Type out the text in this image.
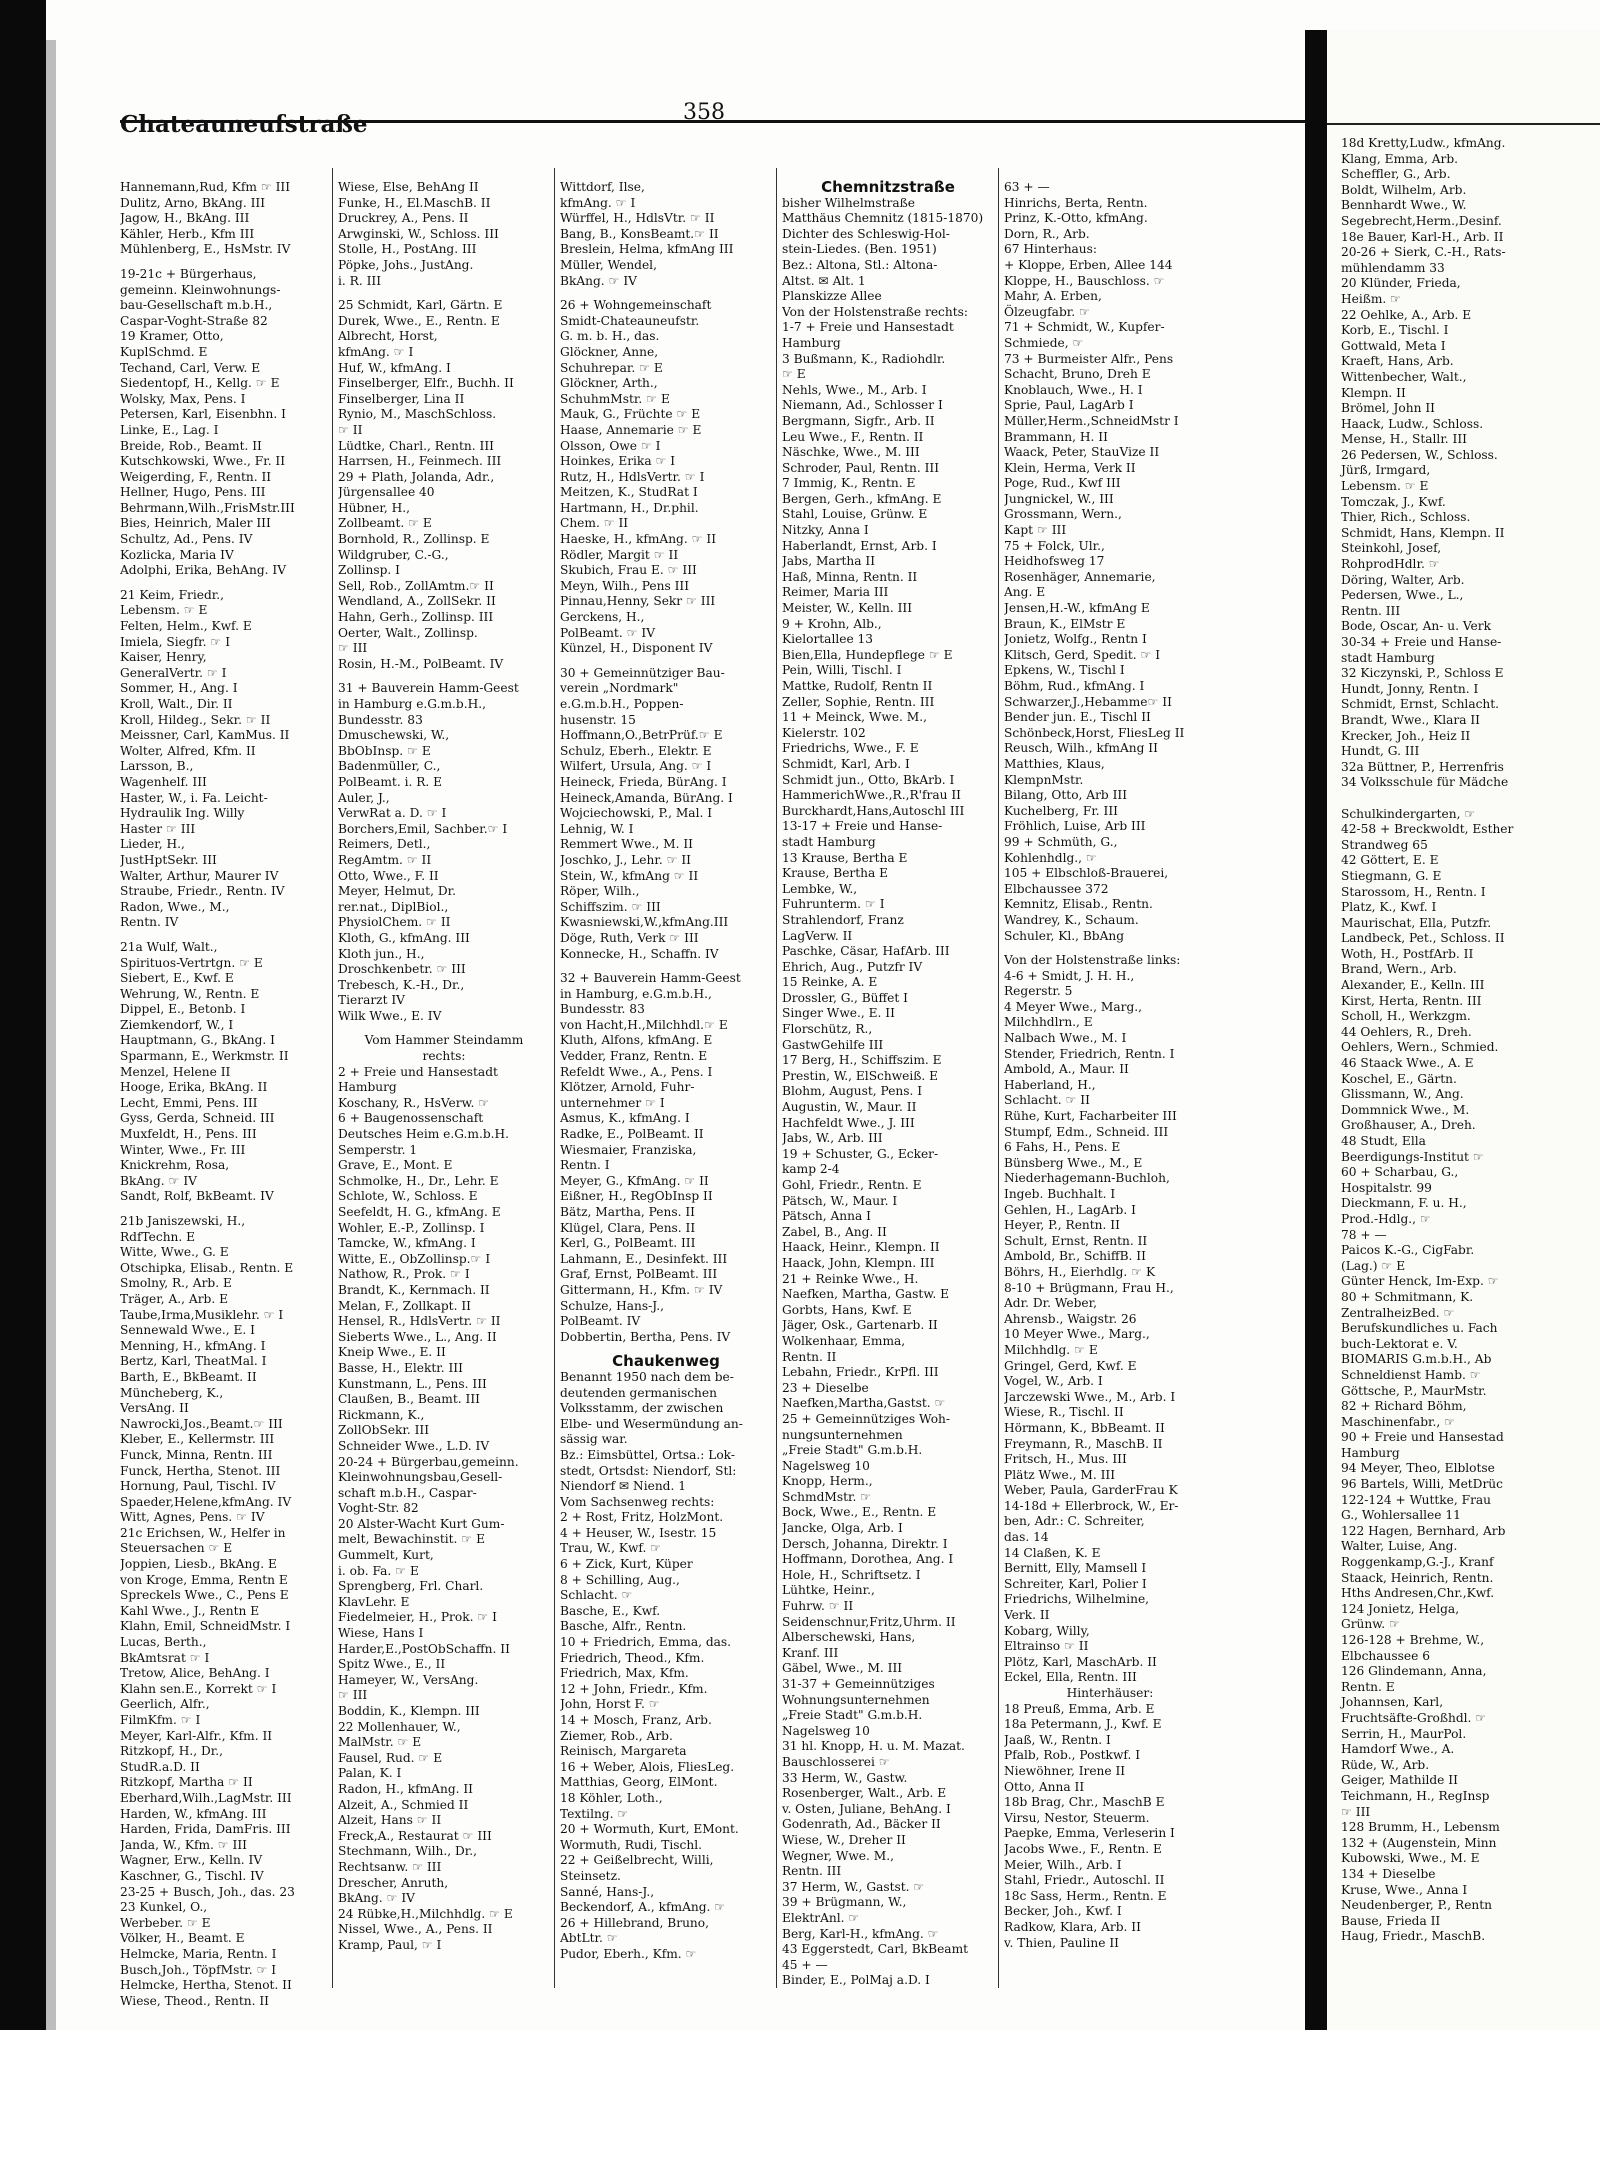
Chateauneufstraße	358
Hannemann,Rud, Kfm ☞ III
Dulitz, Arno, BkAng. III
Jagow, H., BkAng. III
Kähler, Herb., Kfm III
Mühlenberg, E., HsMstr. IV
19-21c + Bürgerhaus,
gemeinn. Kleinwohnungs-
bau-Gesellschaft m.b.H.,
Caspar-Voght-Straße 82
19 Kramer, Otto,
KuplSchmd. E
Techand, Carl, Verw. E
Siedentopf, H., Kellg. ☞ E
Wolsky, Max, Pens. I
Petersen, Karl, Eisenbhn. I
Linke, E., Lag. I
Breide, Rob., Beamt. II
Kutschkowski, Wwe., Fr. II
Weigerding, F., Rentn. II
Hellner, Hugo, Pens. III
Behrmann,Wilh.,FrisMstr.III
Bies, Heinrich, Maler III
Schultz, Ad., Pens. IV
Kozlicka, Maria IV
Adolphi, Erika, BehAng. IV
21 Keim, Friedr.,
Lebensm. ☞ E
Felten, Helm., Kwf. E
Imiela, Siegfr. ☞ I
Kaiser, Henry,
GeneralVertr. ☞ I
Sommer, H., Ang. I
Kroll, Walt., Dir. II
Kroll, Hildeg., Sekr. ☞ II
Meissner, Carl, KamMus. II
Wolter, Alfred, Kfm. II
Larsson, B.,
Wagenhelf. III
Haster, W., i. Fa. Leicht-
Hydraulik Ing. Willy
Haster ☞ III
Lieder, H.,
JustHptSekr. III
Walter, Arthur, Maurer IV
Straube, Friedr., Rentn. IV
Radon, Wwe., M.,
Rentn. IV
21a Wulf, Walt.,
Spirituos-Vertrtgn. ☞ E
Siebert, E., Kwf. E
Wehrung, W., Rentn. E
Dippel, E., Betonb. I
Ziemkendorf, W., I
Hauptmann, G., BkAng. I
Sparmann, E., Werkmstr. II
Menzel, Helene II
Hooge, Erika, BkAng. II
Lecht, Emmi, Pens. III
Gyss, Gerda, Schneid. III
Muxfeldt, H., Pens. III
Winter, Wwe., Fr. III
Knickrehm, Rosa,
BkAng. ☞ IV
Sandt, Rolf, BkBeamt. IV
21b Janiszewski, H.,
RdfTechn. E
Witte, Wwe., G. E
Otschipka, Elisab., Rentn. E
Smolny, R., Arb. E
Träger, A., Arb. E
Taube,Irma,Musiklehr. ☞ I
Sennewald Wwe., E. I
Menning, H., kfmAng. I
Bertz, Karl, TheatMal. I
Barth, E., BkBeamt. II
Müncheberg, K.,
VersAng. II
Nawrocki,Jos.,Beamt.☞ III
Kleber, E., Kellermstr. III
Funck, Minna, Rentn. III
Funck, Hertha, Stenot. III
Hornung, Paul, Tischl. IV
Spaeder,Helene,kfmAng. IV
Witt, Agnes, Pens. ☞ IV
21c Erichsen, W., Helfer in
Steuersachen ☞ E
Joppien, Liesb., BkAng. E
von Kroge, Emma, Rentn E
Spreckels Wwe., C., Pens E
Kahl Wwe., J., Rentn E
Klahn, Emil, SchneidMstr. I
Lucas, Berth.,
BkAmtsrat ☞ I
Tretow, Alice, BehAng. I
Klahn sen.E., Korrekt ☞ I
Geerlich, Alfr.,
FilmKfm. ☞ I
Meyer, Karl-Alfr., Kfm. II
Ritzkopf, H., Dr.,
StudR.a.D. II
Ritzkopf, Martha ☞ II
Eberhard,Wilh.,LagMstr. III
Harden, W., kfmAng. III
Harden, Frida, DamFris. III
Janda, W., Kfm. ☞ III
Wagner, Erw., Kelln. IV
Kaschner, G., Tischl. IV
23-25 + Busch, Joh., das. 23
23 Kunkel, O.,
Werbeber. ☞ E
Völker, H., Beamt. E
Helmcke, Maria, Rentn. I
Busch,Joh., TöpfMstr. ☞ I
Helmcke, Hertha, Stenot. II
Wiese, Theod., Rentn. II
Wiese, Else, BehAng II
Funke, H., El.MaschB. II
Druckrey, A., Pens. II
Arwginski, W., Schloss. III
Stolle, H., PostAng. III
Pöpke, Johs., JustAng.
i. R. III
25 Schmidt, Karl, Gärtn. E
Durek, Wwe., E., Rentn. E
Albrecht, Horst,
kfmAng. ☞ I
Huf, W., kfmAng. I
Finselberger, Elfr., Buchh. II
Finselberger, Lina II
Rynio, M., MaschSchloss.
☞ II
Lüdtke, Charl., Rentn. III
Harrsen, H., Feinmech. III
29 + Plath, Jolanda, Adr.,
Jürgensallee 40
Hübner, H.,
Zollbeamt. ☞ E
Bornhold, R., Zollinsp. E
Wildgruber, C.-G.,
Zollinsp. I
Sell, Rob., ZollAmtm.☞ II
Wendland, A., ZollSekr. II
Hahn, Gerh., Zollinsp. III
Oerter, Walt., Zollinsp.
☞ III
Rosin, H.-M., PolBeamt. IV
31 + Bauverein Hamm-Geest
in Hamburg e.G.m.b.H.,
Bundesstr. 83
Dmuschewski, W.,
BbObInsp. ☞ E
Badenmüller, C.,
PolBeamt. i. R. E
Auler, J.,
VerwRat a. D. ☞ I
Borchers,Emil, Sachber.☞ I
Reimers, Detl.,
RegAmtm. ☞ II
Otto, Wwe., F. II
Meyer, Helmut, Dr.
rer.nat., DiplBiol.,
PhysiolChem. ☞ II
Kloth, G., kfmAng. III
Kloth jun., H.,
Droschkenbetr. ☞ III
Trebesch, K.-H., Dr.,
Tierarzt IV
Wilk Wwe., E. IV
Vom Hammer Steindamm
rechts:
2 + Freie und Hansestadt
Hamburg
Koschany, R., HsVerw. ☞
6 + Baugenossenschaft
Deutsches Heim e.G.m.b.H.
Semperstr. 1
Grave, E., Mont. E
Schmolke, H., Dr., Lehr. E
Schlote, W., Schloss. E
Seefeldt, H. G., kfmAng. E
Wohler, E.-P., Zollinsp. I
Tamcke, W., kfmAng. I
Witte, E., ObZollinsp.☞ I
Nathow, R., Prok. ☞ I
Brandt, K., Kernmach. II
Melan, F., Zollkapt. II
Hensel, R., HdlsVertr. ☞ II
Sieberts Wwe., L., Ang. II
Kneip Wwe., E. II
Basse, H., Elektr. III
Kunstmann, L., Pens. III
Claußen, B., Beamt. III
Rickmann, K.,
ZollObSekr. III
Schneider Wwe., L.D. IV
20-24 + Bürgerbau,gemeinn.
Kleinwohnungsbau,Gesell-
schaft m.b.H., Caspar-
Voght-Str. 82
20 Alster-Wacht Kurt Gum-
melt, Bewachinstit. ☞ E
Gummelt, Kurt,
i. ob. Fa. ☞ E
Sprengberg, Frl. Charl.
KlavLehr. E
Fiedelmeier, H., Prok. ☞ I
Wiese, Hans I
Harder,E.,PostObSchaffn. II
Spitz Wwe., E., II
Hameyer, W., VersAng.
☞ III
Boddin, K., Klempn. III
22 Mollenhauer, W.,
MalMstr. ☞ E
Fausel, Rud. ☞ E
Palan, K. I
Radon, H., kfmAng. II
Alzeit, A., Schmied II
Alzeit, Hans ☞ II
Freck,A., Restaurat ☞ III
Stechmann, Wilh., Dr.,
Rechtsanw. ☞ III
Drescher, Anruth,
BkAng. ☞ IV
24 Rübke,H.,Milchhdlg. ☞ E
Nissel, Wwe., A., Pens. II
Kramp, Paul, ☞ I
Wittdorf, Ilse,
kfmAng. ☞ I
Würffel, H., HdlsVtr. ☞ II
Bang, B., KonsBeamt.☞ II
Breslein, Helma, kfmAng III
Müller, Wendel,
BkAng. ☞ IV
26 + Wohngemeinschaft
Smidt-Chateauneufstr.
G. m. b. H., das.
Glöckner, Anne,
Schuhrepar. ☞ E
Glöckner, Arth.,
SchuhmMstr. ☞ E
Mauk, G., Früchte ☞ E
Haase, Annemarie ☞ E
Olsson, Owe ☞ I
Hoinkes, Erika ☞ I
Rutz, H., HdlsVertr. ☞ I
Meitzen, K., StudRat I
Hartmann, H., Dr.phil.
Chem. ☞ II
Haeske, H., kfmAng. ☞ II
Rödler, Margit ☞ II
Skubich, Frau E. ☞ III
Meyn, Wilh., Pens III
Pinnau,Henny, Sekr ☞ III
Gerckens, H.,
PolBeamt. ☞ IV
Künzel, H., Disponent IV
30 + Gemeinnütziger Bau-
verein „Nordmark"
e.G.m.b.H., Poppen-
husenstr. 15
Hoffmann,O.,BetrPrüf.☞ E
Schulz, Eberh., Elektr. E
Wilfert, Ursula, Ang. ☞ I
Heineck, Frieda, BürAng. I
Heineck,Amanda, BürAng. I
Wojciechowski, P., Mal. I
Lehnig, W. I
Remmert Wwe., M. II
Joschko, J., Lehr. ☞ II
Stein, W., kfmAng ☞ II
Röper, Wilh.,
Schiffszim. ☞ III
Kwasniewski,W.,kfmAng.III
Döge, Ruth, Verk ☞ III
Konnecke, H., Schaffn. IV
32 + Bauverein Hamm-Geest
in Hamburg, e.G.m.b.H.,
Bundesstr. 83
von Hacht,H.,Milchhdl.☞ E
Kluth, Alfons, kfmAng. E
Vedder, Franz, Rentn. E
Refeldt Wwe., A., Pens. I
Klötzer, Arnold, Fuhr-
unternehmer ☞ I
Asmus, K., kfmAng. I
Radke, E., PolBeamt. II
Wiesmaier, Franziska,
Rentn. I
Meyer, G., KfmAng. ☞ II
Eißner, H., RegObInsp II
Bätz, Martha, Pens. II
Klügel, Clara, Pens. II
Kerl, G., PolBeamt. III
Lahmann, E., Desinfekt. III
Graf, Ernst, PolBeamt. III
Gittermann, H., Kfm. ☞ IV
Schulze, Hans-J.,
PolBeamt. IV
Dobbertin, Bertha, Pens. IV
Chaukenweg
Benannt 1950 nach dem be-
deutenden germanischen
Volksstamm, der zwischen
Elbe- und Wesermündung an-
sässig war.
Bz.: Eimsbüttel, Ortsa.: Lok-
stedt, Ortsdst: Niendorf, Stl:
Niendorf ✉ Niend. 1
Vom Sachsenweg rechts:
2 + Rost, Fritz, HolzMont.
4 + Heuser, W., Isestr. 15
Trau, W., Kwf. ☞
6 + Zick, Kurt, Küper
8 + Schilling, Aug.,
Schlacht. ☞
Basche, E., Kwf.
Basche, Alfr., Rentn.
10 + Friedrich, Emma, das.
Friedrich, Theod., Kfm.
Friedrich, Max, Kfm.
12 + John, Friedr., Kfm.
John, Horst F. ☞
14 + Mosch, Franz, Arb.
Ziemer, Rob., Arb.
Reinisch, Margareta
16 + Weber, Alois, FliesLeg.
Matthias, Georg, ElMont.
18 Köhler, Loth.,
Textilng. ☞
20 + Wormuth, Kurt, EMont.
Wormuth, Rudi, Tischl.
22 + Geißelbrecht, Willi,
Steinsetz.
Sanné, Hans-J.,
Beckendorf, A., kfmAng. ☞
26 + Hillebrand, Bruno,
AbtLtr. ☞
Pudor, Eberh., Kfm. ☞
Chemnitzstraße
bisher Wilhelmstraße
Matthäus Chemnitz (1815-1870)
Dichter des Schleswig-Hol-
stein-Liedes. (Ben. 1951)
Bez.: Altona, Stl.: Altona-
Altst. ✉ Alt. 1
Planskizze Allee
Von der Holstenstraße rechts:
1-7 + Freie und Hansestadt
Hamburg
3 Bußmann, K., Radiohdlr.
☞ E
Nehls, Wwe., M., Arb. I
Niemann, Ad., Schlosser I
Bergmann, Sigfr., Arb. II
Leu Wwe., F., Rentn. II
Näschke, Wwe., M. III
Schroder, Paul, Rentn. III
7 Immig, K., Rentn. E
Bergen, Gerh., kfmAng. E
Stahl, Louise, Grünw. E
Nitzky, Anna I
Haberlandt, Ernst, Arb. I
Jabs, Martha II
Haß, Minna, Rentn. II
Reimer, Maria III
Meister, W., Kelln. III
9 + Krohn, Alb.,
Kielortallee 13
Bien,Ella, Hundepflege ☞ E
Pein, Willi, Tischl. I
Mattke, Rudolf, Rentn II
Zeller, Sophie, Rentn. III
11 + Meinck, Wwe. M.,
Kielerstr. 102
Friedrichs, Wwe., F. E
Schmidt, Karl, Arb. I
Schmidt jun., Otto, BkArb. I
HammerichWwe.,R.,R'frau II
Burckhardt,Hans,Autoschl III
13-17 + Freie und Hanse-
stadt Hamburg
13 Krause, Bertha E
Krause, Bertha E
Lembke, W.,
Fuhrunterm. ☞ I
Strahlendorf, Franz
LagVerw. II
Paschke, Cäsar, HafArb. III
Ehrich, Aug., Putzfr IV
15 Reinke, A. E
Drossler, G., Büffet I
Singer Wwe., E. II
Florschütz, R.,
GastwGehilfe III
17 Berg, H., Schiffszim. E
Prestin, W., ElSchweiß. E
Blohm, August, Pens. I
Augustin, W., Maur. II
Hachfeldt Wwe., J. III
Jabs, W., Arb. III
19 + Schuster, G., Ecker-
kamp 2-4
Gohl, Friedr., Rentn. E
Pätsch, W., Maur. I
Pätsch, Anna I
Zabel, B., Ang. II
Haack, Heinr., Klempn. II
Haack, John, Klempn. III
21 + Reinke Wwe., H.
Naefken, Martha, Gastw. E
Gorbts, Hans, Kwf. E
Jäger, Osk., Gartenarb. II
Wolkenhaar, Emma,
Rentn. II
Lebahn, Friedr., KrPfl. III
23 + Dieselbe
Naefken,Martha,Gastst. ☞
25 + Gemeinnütziges Woh-
nungsunternehmen
„Freie Stadt" G.m.b.H.
Nagelsweg 10
Knopp, Herm.,
SchmdMstr. ☞
Bock, Wwe., E., Rentn. E
Jancke, Olga, Arb. I
Dersch, Johanna, Direktr. I
Hoffmann, Dorothea, Ang. I
Hole, H., Schriftsetz. I
Lühtke, Heinr.,
Fuhrw. ☞ II
Seidenschnur,Fritz,Uhrm. II
Alberschewski, Hans,
Kranf. III
Gäbel, Wwe., M. III
31-37 + Gemeinnütziges
Wohnungsunternehmen
„Freie Stadt" G.m.b.H.
Nagelsweg 10
31 hl. Knopp, H. u. M. Mazat.
Bauschlosserei ☞
33 Herm, W., Gastw.
Rosenberger, Walt., Arb. E
v. Osten, Juliane, BehAng. I
Godenrath, Ad., Bäcker II
Wiese, W., Dreher II
Wegner, Wwe. M.,
Rentn. III
37 Herm, W., Gastst. ☞
39 + Brügmann, W.,
ElektrAnl. ☞
Berg, Karl-H., kfmAng. ☞
43 Eggerstedt, Carl, BkBeamt
45 + —
Binder, E., PolMaj a.D. I
63 + —
Hinrichs, Berta, Rentn.
Prinz, K.-Otto, kfmAng.
Dorn, R., Arb.
67 Hinterhaus:
+ Kloppe, Erben, Allee 144
Kloppe, H., Bauschloss. ☞
Mahr, A. Erben,
Ölzeugfabr. ☞
71 + Schmidt, W., Kupfer-
Schmiede, ☞
73 + Burmeister Alfr., Pens
Schacht, Bruno, Dreh E
Knoblauch, Wwe., H. I
Sprie, Paul, LagArb I
Müller,Herm.,SchneidMstr I
Brammann, H. II
Waack, Peter, StauVize II
Klein, Herma, Verk II
Poge, Rud., Kwf III
Jungnickel, W., III
Grossmann, Wern.,
Kapt ☞ III
75 + Folck, Ulr.,
Heidhofsweg 17
Rosenhäger, Annemarie,
Ang. E
Jensen,H.-W., kfmAng E
Braun, K., ElMstr E
Jonietz, Wolfg., Rentn I
Klitsch, Gerd, Spedit. ☞ I
Epkens, W., Tischl I
Böhm, Rud., kfmAng. I
Schwarzer,J.,Hebamme☞ II
Bender jun. E., Tischl II
Schönbeck,Horst, FliesLeg II
Reusch, Wilh., kfmAng II
Matthies, Klaus,
KlempnMstr.
Bilang, Otto, Arb III
Kuchelberg, Fr. III
Fröhlich, Luise, Arb III
99 + Schmüth, G.,
Kohlenhdlg., ☞
105 + Elbschloß-Brauerei,
Elbchaussee 372
Kemnitz, Elisab., Rentn.
Wandrey, K., Schaum.
Schuler, Kl., BbAng
Von der Holstenstraße links:
4-6 + Smidt, J. H. H.,
Regerstr. 5
4 Meyer Wwe., Marg.,
Milchhdlrn., E
Nalbach Wwe., M. I
Stender, Friedrich, Rentn. I
Ambold, A., Maur. II
Haberland, H.,
Schlacht. ☞ II
Rühe, Kurt, Facharbeiter III
Stumpf, Edm., Schneid. III
6 Fahs, H., Pens. E
Bünsberg Wwe., M., E
Niederhagemann-Buchloh,
Ingeb. Buchhalt. I
Gehlen, H., LagArb. I
Heyer, P., Rentn. II
Schult, Ernst, Rentn. II
Ambold, Br., SchiffB. II
Böhrs, H., Eierhdlg. ☞ K
8-10 + Brügmann, Frau H.,
Adr. Dr. Weber,
Ahrensb., Waigstr. 26
10 Meyer Wwe., Marg.,
Milchhdlg. ☞ E
Gringel, Gerd, Kwf. E
Vogel, W., Arb. I
Jarczewski Wwe., M., Arb. I
Wiese, R., Tischl. II
Hörmann, K., BbBeamt. II
Freymann, R., MaschB. II
Fritsch, H., Mus. III
Plätz Wwe., M. III
Weber, Paula, GarderFrau K
14-18d + Ellerbrock, W., Er-
ben, Adr.: C. Schreiter,
das. 14
14 Claßen, K. E
Bernitt, Elly, Mamsell I
Schreiter, Karl, Polier I
Friedrichs, Wilhelmine,
Verk. II
Kobarg, Willy,
Eltrainso ☞ II
Plötz, Karl, MaschArb. II
Eckel, Ella, Rentn. III
Hinterhäuser:
18 Preuß, Emma, Arb. E
18a Petermann, J., Kwf. E
Jaaß, W., Rentn. I
Pfalb, Rob., Postkwf. I
Niewöhner, Irene II
Otto, Anna II
18b Brag, Chr., MaschB E
Virsu, Nestor, Steuerm.
Paepke, Emma, Verleserin I
Jacobs Wwe., F., Rentn. E
Meier, Wilh., Arb. I
Stahl, Friedr., Autoschl. II
18c Sass, Herm., Rentn. E
Becker, Joh., Kwf. I
Radkow, Klara, Arb. II
v. Thien, Pauline II
18d Kretty,Ludw., kfmAng.
Klang, Emma, Arb.
Scheffler, G., Arb.
Boldt, Wilhelm, Arb.
Bennhardt Wwe., W.
Segebrecht,Herm.,Desinf.
18e Bauer, Karl-H., Arb. II
20-26 + Sierk, C.-H., Rats-
mühlendamm 33
20 Klünder, Frieda,
Heißm. ☞
22 Oehlke, A., Arb. E
Korb, E., Tischl. I
Gottwald, Meta I
Kraeft, Hans, Arb.
Wittenbecher, Walt.,
Klempn. II
Brömel, John II
Haack, Ludw., Schloss.
Mense, H., Stallr. III
26 Pedersen, W., Schloss.
Jürß, Irmgard,
Lebensm. ☞ E
Tomczak, J., Kwf.
Thier, Rich., Schloss.
Schmidt, Hans, Klempn. II
Steinkohl, Josef,
RohprodHdlr. ☞
Döring, Walter, Arb.
Pedersen, Wwe., L.,
Rentn. III
Bode, Oscar, An- u. Verk
30-34 + Freie und Hanse-
stadt Hamburg
32 Kiczynski, P., Schloss E
Hundt, Jonny, Rentn. I
Schmidt, Ernst, Schlacht.
Brandt, Wwe., Klara II
Krecker, Joh., Heiz II
Hundt, G. III
32a Büttner, P., Herrenfris
34 Volksschule für Mädche
Schulkindergarten, ☞
42-58 + Breckwoldt, Esther
Strandweg 65
42 Göttert, E. E
Stiegmann, G. E
Starossom, H., Rentn. I
Platz, K., Kwf. I
Maurischat, Ella, Putzfr.
Landbeck, Pet., Schloss. II
Woth, H., PostfArb. II
Brand, Wern., Arb.
Alexander, E., Kelln. III
Kirst, Herta, Rentn. III
Scholl, H., Werkzgm.
44 Oehlers, R., Dreh.
Oehlers, Wern., Schmied.
46 Staack Wwe., A. E
Koschel, E., Gärtn.
Glissmann, W., Ang.
Dommnick Wwe., M.
Großhauser, A., Dreh.
48 Studt, Ella
Beerdigungs-Institut ☞
60 + Scharbau, G.,
Hospitalstr. 99
Dieckmann, F. u. H.,
Prod.-Hdlg., ☞
78 + —
Paicos K.-G., CigFabr.
(Lag.) ☞ E
Günter Henck, Im-Exp. ☞
80 + Schmitmann, K.
ZentralheizBed. ☞
Berufskundliches u. Fach
buch-Lektorat e. V.
BIOMARIS G.m.b.H., Ab
Schneldienst Hamb. ☞
Göttsche, P., MaurMstr.
82 + Richard Böhm,
Maschinenfabr., ☞
90 + Freie und Hansestad
Hamburg
94 Meyer, Theo, Elblotse
96 Bartels, Willi, MetDrüc
122-124 + Wuttke, Frau
G., Wohlersallee 11
122 Hagen, Bernhard, Arb
Walter, Luise, Ang.
Roggenkamp,G.-J., Kranf
Staack, Heinrich, Rentn.
Hths Andresen,Chr.,Kwf.
124 Jonietz, Helga,
Grünw. ☞
126-128 + Brehme, W.,
Elbchaussee 6
126 Glindemann, Anna,
Rentn. E
Johannsen, Karl,
Fruchtsäfte-Großhdl. ☞
Serrin, H., MaurPol.
Hamdorf Wwe., A.
Rüde, W., Arb.
Geiger, Mathilde II
Teichmann, H., RegInsp
☞ III
128 Brumm, H., Lebensm
132 + (Augenstein, Minn
Kubowski, Wwe., M. E
134 + Dieselbe
Kruse, Wwe., Anna I
Neudenberger, P., Rentn
Bause, Frieda II
Haug, Friedr., MaschB.
